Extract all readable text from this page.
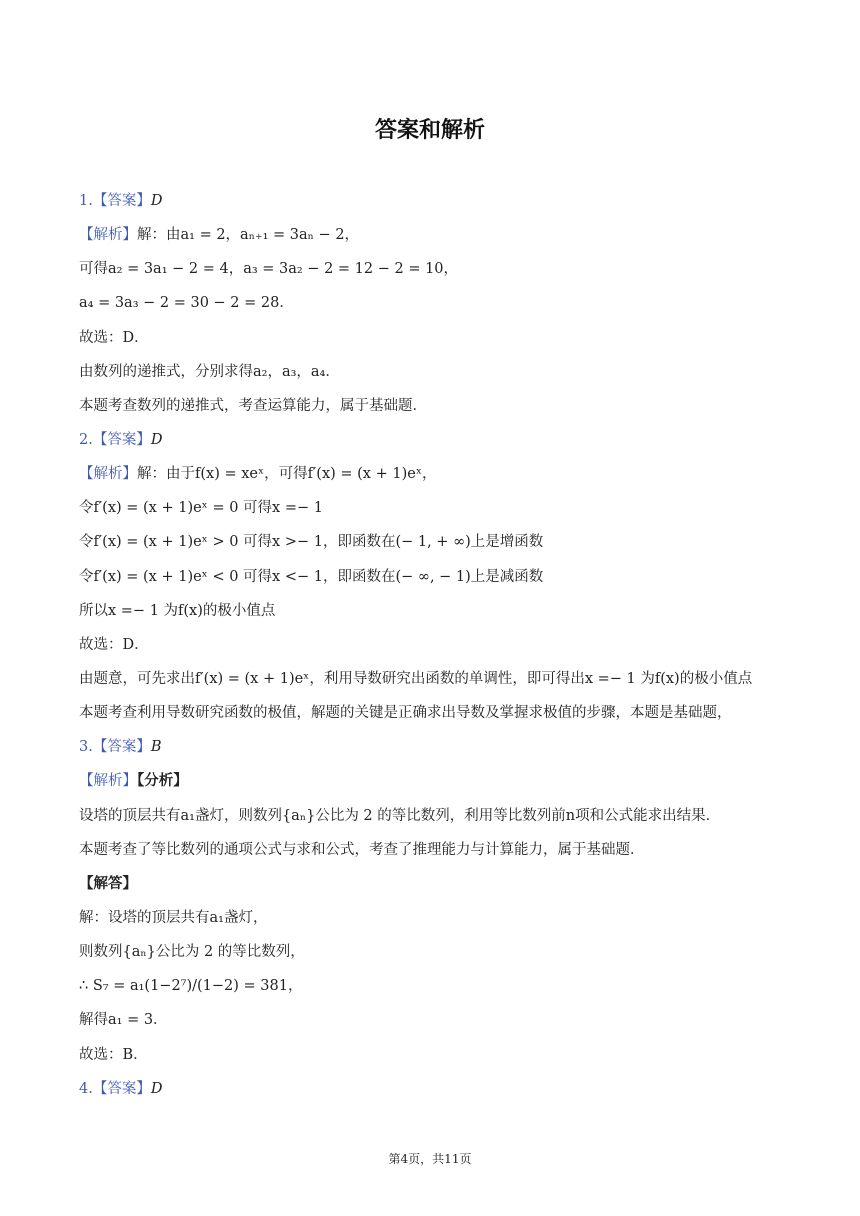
答案和解析
1.【答案】D
【解析】解：由a₁ = 2，aₙ₊₁ = 3aₙ − 2，
可得a₂ = 3a₁ − 2 = 4，a₃ = 3a₂ − 2 = 12 − 2 = 10，
a₄ = 3a₃ − 2 = 30 − 2 = 28．
故选：D．
由数列的递推式，分别求得a₂，a₃，a₄．
本题考查数列的递推式，考查运算能力，属于基础题．
2.【答案】D
【解析】解：由于f(x) = xeˣ，可得f′(x) = (x + 1)eˣ，
令f′(x) = (x + 1)eˣ = 0 可得x =− 1
令f′(x) = (x + 1)eˣ > 0 可得x >− 1，即函数在(− 1, + ∞)上是增函数
令f′(x) = (x + 1)eˣ < 0 可得x <− 1，即函数在(− ∞, − 1)上是减函数
所以x =− 1 为f(x)的极小值点
故选：D．
由题意，可先求出f′(x) = (x + 1)eˣ，利用导数研究出函数的单调性，即可得出x =− 1 为f(x)的极小值点
本题考查利用导数研究函数的极值，解题的关键是正确求出导数及掌握求极值的步骤，本题是基础题，
3.【答案】B
【解析】【分析】
设塔的顶层共有a₁盏灯，则数列{aₙ}公比为 2 的等比数列，利用等比数列前n项和公式能求出结果．
本题考查了等比数列的通项公式与求和公式，考查了推理能力与计算能力，属于基础题．
【解答】
解：设塔的顶层共有a₁盏灯，
则数列{aₙ}公比为 2 的等比数列，
∴ S₇ = a₁(1−2⁷)/(1−2) = 381，
解得a₁ = 3．
故选：B．
4.【答案】D
第4页，共11页
